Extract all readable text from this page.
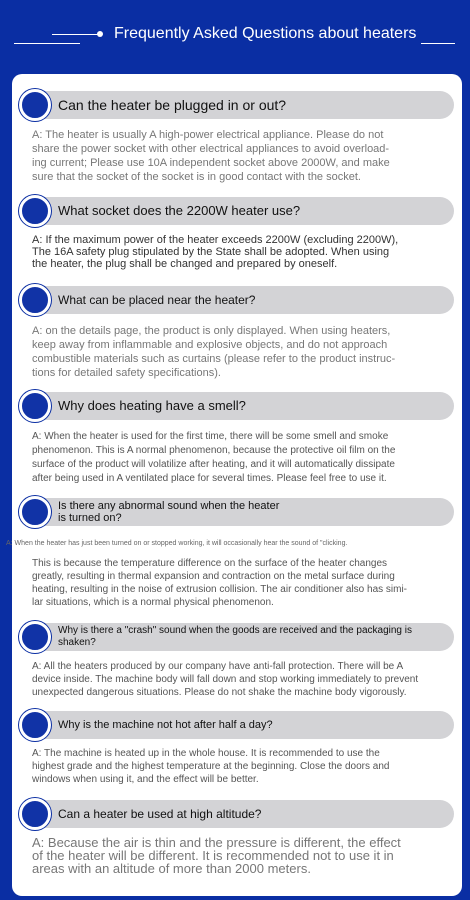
Frequently Asked Questions about heaters
Can the heater be plugged in or out?
A: The heater is usually A high-power electrical appliance. Please do not
share the power socket with other electrical appliances to avoid overload-
ing current; Please use 10A independent socket above 2000W, and make
sure that the socket of the socket is in good contact with the socket.
What socket does the 2200W heater use?
A: If the maximum power of the heater exceeds 2200W (excluding 2200W),
The 16A safety plug stipulated by the State shall be adopted. When using
the heater, the plug shall be changed and prepared by oneself.
What can be placed near the heater?
A: on the details page, the product is only displayed. When using heaters,
keep away from inflammable and explosive objects, and do not approach
combustible materials such as curtains (please refer to the product instruc-
tions for detailed safety specifications).
Why does heating have a smell?
A: When the heater is used for the first time, there will be some smell and smoke
phenomenon. This is A normal phenomenon, because the protective oil film on the
surface of the product will volatilize after heating, and it will automatically dissipate
after being used in A ventilated place for several times. Please feel free to use it.
Is there any abnormal sound when the heater
is turned on?
A: When the heater has just been turned on or stopped working, it will occasionally hear the sound of "clicking.
This is because the temperature difference on the surface of the heater changes
greatly, resulting in thermal expansion and contraction on the metal surface during
heating, resulting in the noise of extrusion collision. The air conditioner also has simi-
lar situations, which is a normal physical phenomenon.
Why is there a "crash" sound when the goods are received and the packaging is
shaken?
A: All the heaters produced by our company have anti-fall protection. There will be A
device inside. The machine body will fall down and stop working immediately to prevent
unexpected dangerous situations. Please do not shake the machine body vigorously.
Why is the machine not hot after half a day?
A: The machine is heated up in the whole house. It is recommended to use the
highest grade and the highest temperature at the beginning. Close the doors and
windows when using it, and the effect will be better.
Can a heater be used at high altitude?
A: Because the air is thin and the pressure is different, the effect
of the heater will be different. It is recommended not to use it in
areas with an altitude of more than 2000 meters.
